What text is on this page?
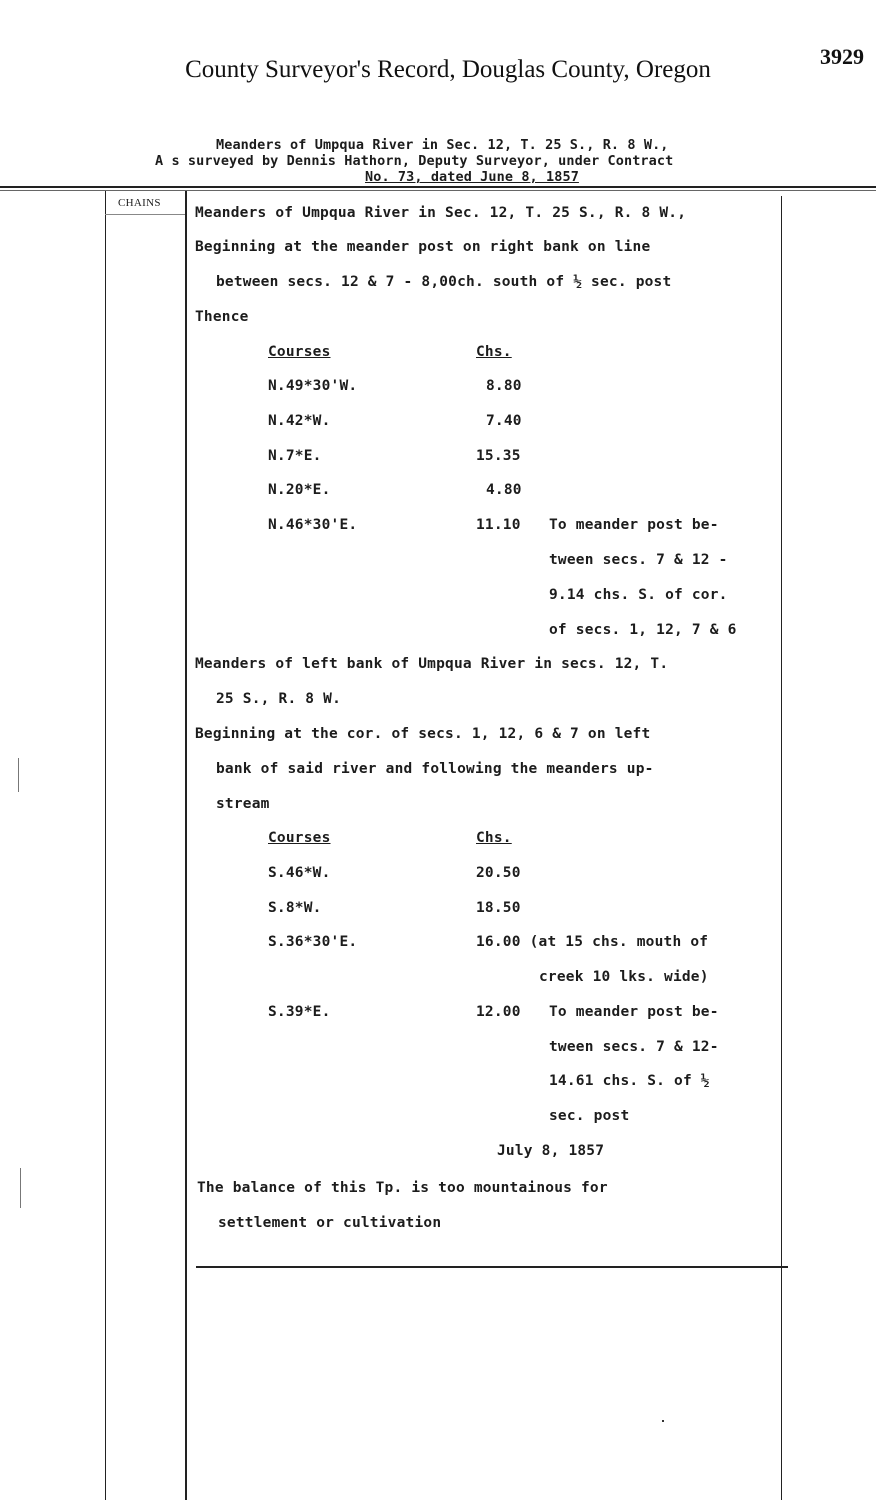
County Surveyor's Record, Douglas County, Oregon	3929
Meanders of Umpqua River in Sec. 12, T. 25 S., R. 8 W.,
A s surveyed by Dennis Hathorn, Deputy Surveyor, under Contract
No. 73, dated June 8, 1857
CHAINS
Meanders of Umpqua River in Sec. 12, T. 25 S., R. 8 W.,
Beginning at the meander post on right bank on line
between secs. 12 & 7 - 8,00ch. south of ½ sec. post
Thence
Courses	Chs.
N.49*30'W.	8.80
N.42*W.	7.40
N.7*E.	15.35
N.20*E.	4.80
N.46*30'E.	11.10 To meander post be-
tween secs. 7 & 12 -
9.14 chs. S. of cor.
of secs. 1, 12, 7 & 6
Meanders of left bank of Umpqua River in secs. 12, T.
25 S., R. 8 W.
Beginning at the cor. of secs. 1, 12, 6 & 7 on left
bank of said river and following the meanders up-
stream
Courses	Chs.
S.46*W.	20.50
S.8*W.	18.50
S.36*30'E.	16.00 (at 15 chs. mouth of
creek 10 lks. wide)
S.39*E.	12.00 To meander post be-
tween secs. 7 & 12-
14.61 chs. S. of ½
sec. post
July 8, 1857
The balance of this Tp. is too mountainous for
settlement or cultivation
